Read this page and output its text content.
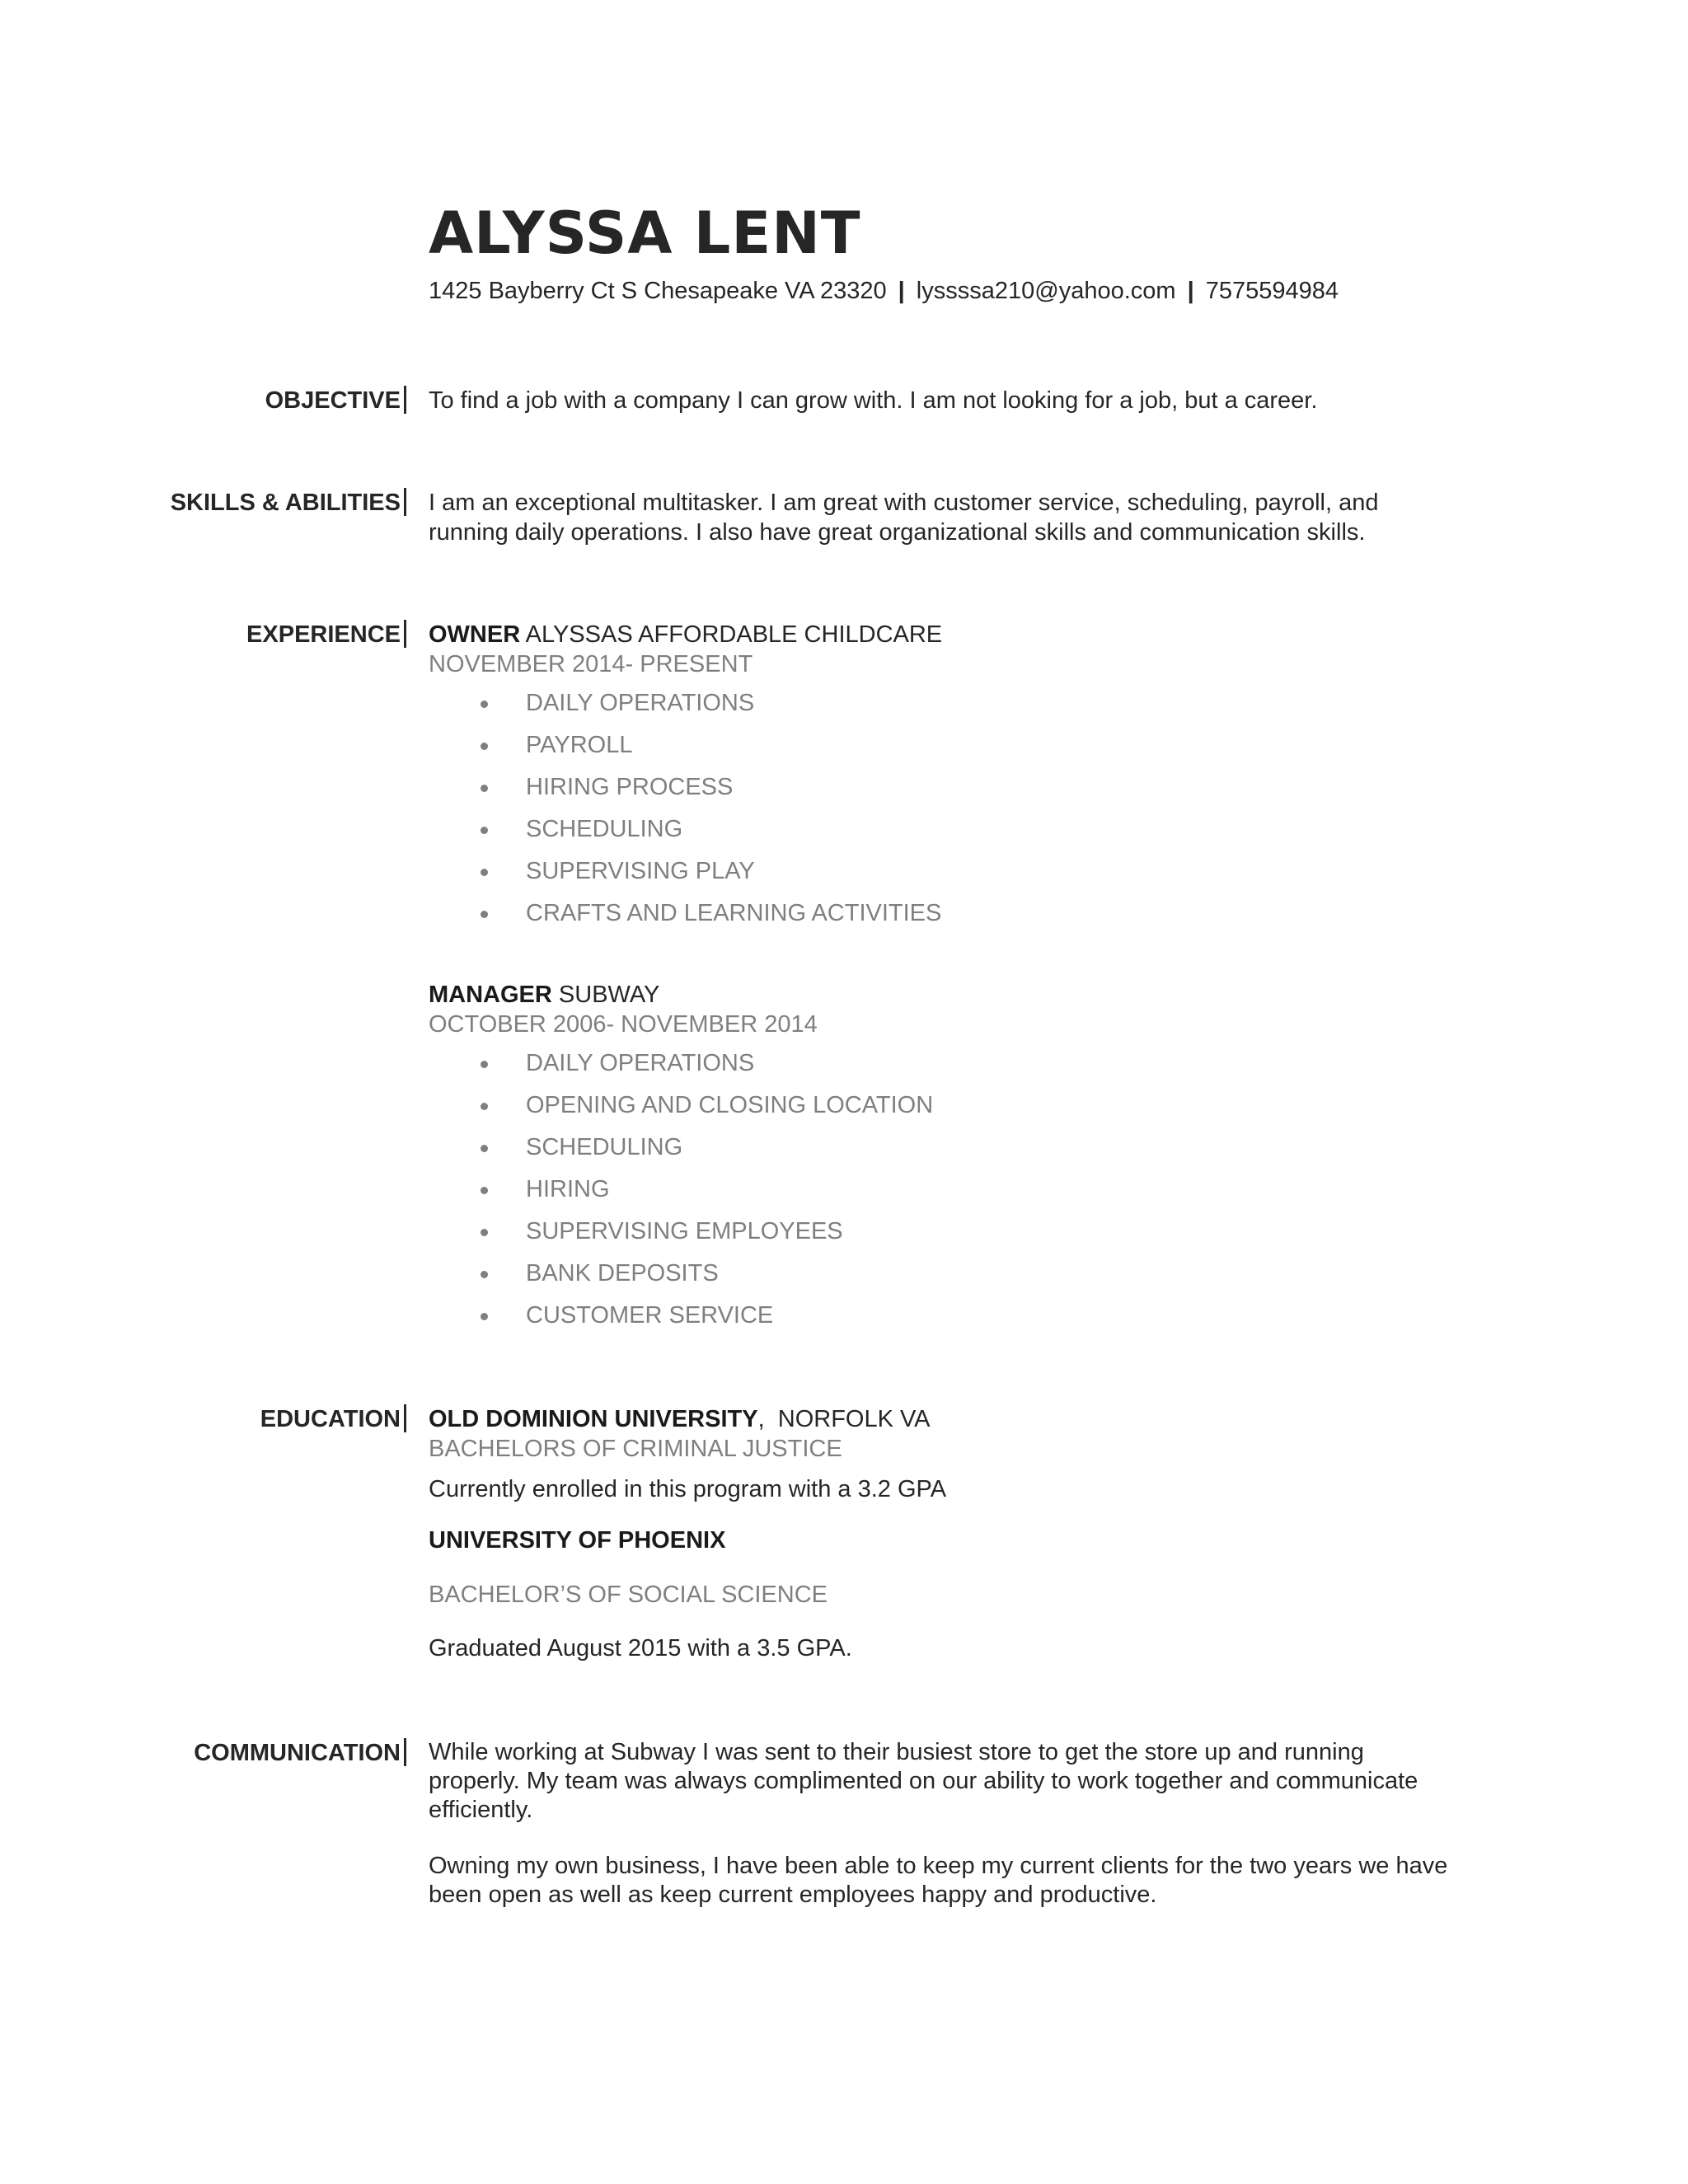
ALYSSA LENT
1425 Bayberry Ct S Chesapeake VA 23320 | lyssssa210@yahoo.com | 7575594984
OBJECTIVE To find a job with a company I can grow with. I am not looking for a job, but a career.
SKILLS & ABILITIES I am an exceptional multitasker. I am great with customer service, scheduling, payroll, and running daily operations. I also have great organizational skills and communication skills.
EXPERIENCE OWNER ALYSSAS AFFORDABLE CHILDCARE
NOVEMBER 2014- PRESENT
DAILY OPERATIONS
PAYROLL
HIRING PROCESS
SCHEDULING
SUPERVISING PLAY
CRAFTS AND LEARNING ACTIVITIES
MANAGER SUBWAY
OCTOBER 2006- NOVEMBER 2014
DAILY OPERATIONS
OPENING AND CLOSING LOCATION
SCHEDULING
HIRING
SUPERVISING EMPLOYEES
BANK DEPOSITS
CUSTOMER SERVICE
EDUCATION OLD DOMINION UNIVERSITY,  NORFOLK VA
BACHELORS OF CRIMINAL JUSTICE
Currently enrolled in this program with a 3.2 GPA
UNIVERSITY OF PHOENIX
BACHELOR’S OF SOCIAL SCIENCE
Graduated August 2015 with a 3.5 GPA.
COMMUNICATION While working at Subway I was sent to their busiest store to get the store up and running properly. My team was always complimented on our ability to work together and communicate efficiently.

Owning my own business, I have been able to keep my current clients for the two years we have been open as well as keep current employees happy and productive.
